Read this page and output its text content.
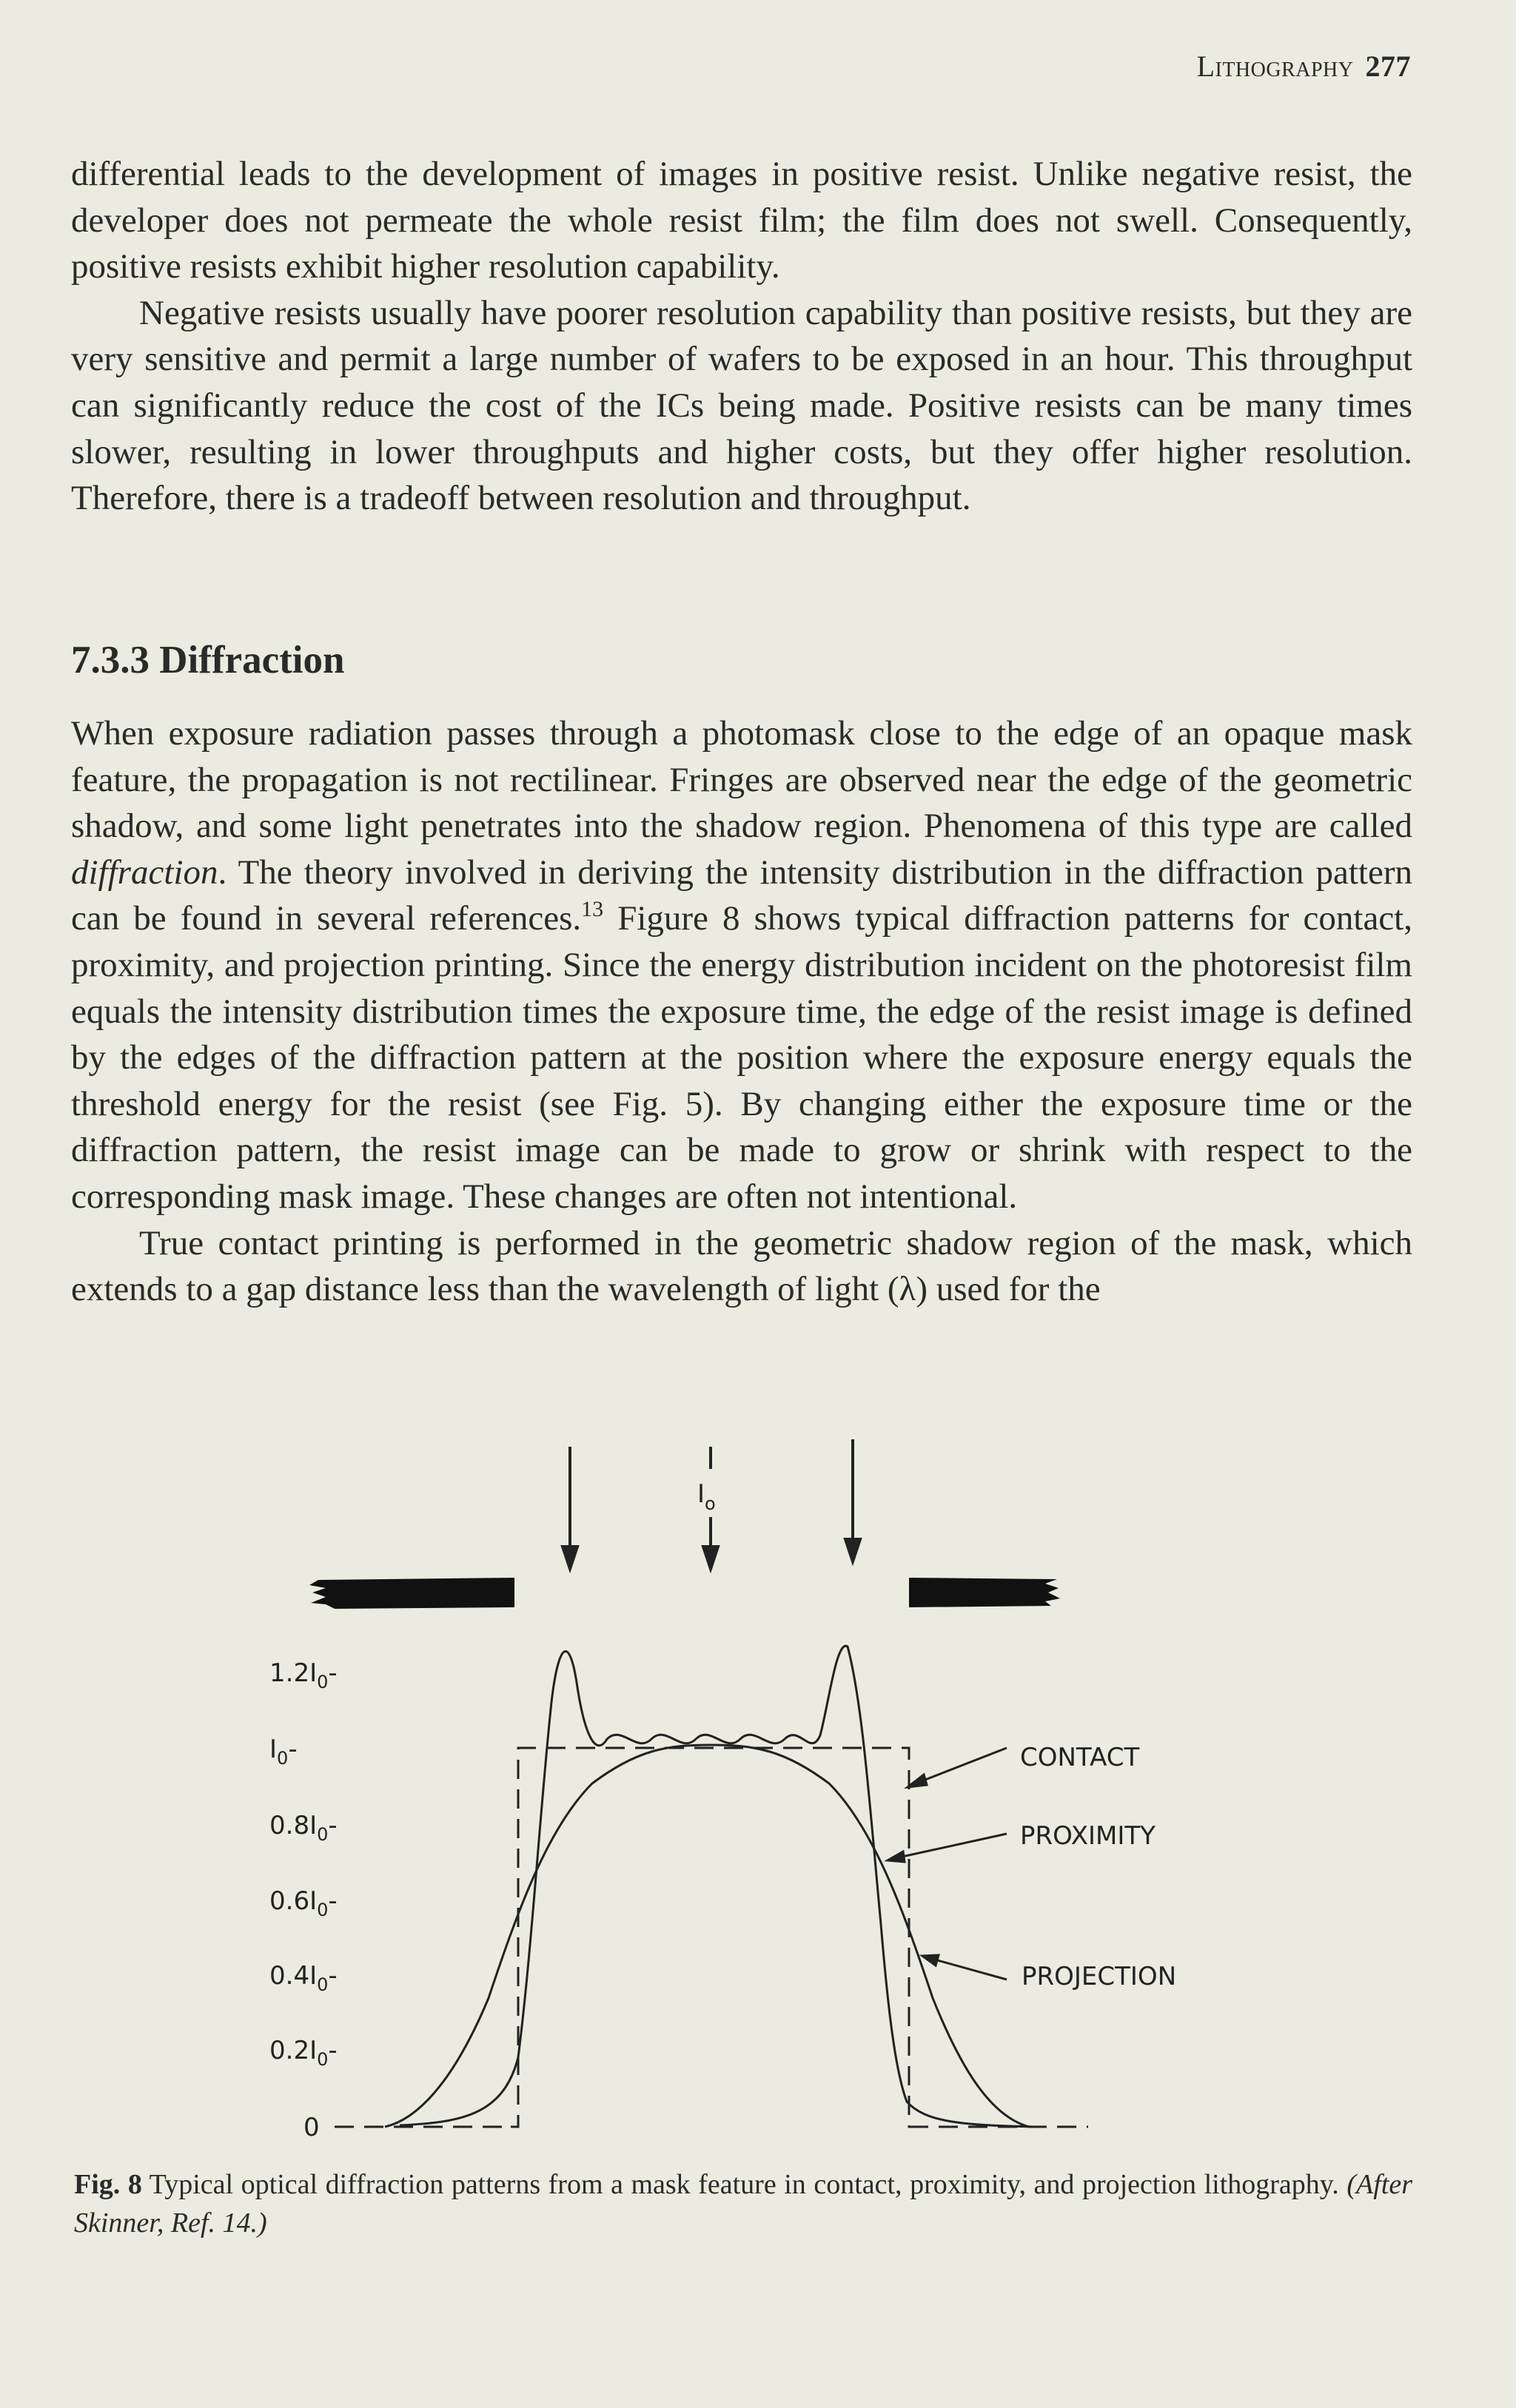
Lithography 277

differential leads to the development of images in positive resist. Unlike negative resist, the developer does not permeate the whole resist film; the film does not swell. Consequently, positive resists exhibit higher resolution capability.

Negative resists usually have poorer resolution capability than positive resists, but they are very sensitive and permit a large number of wafers to be exposed in an hour. This throughput can significantly reduce the cost of the ICs being made. Positive resists can be many times slower, resulting in lower throughputs and higher costs, but they offer higher resolution. Therefore, there is a tradeoff between resolution and throughput.

7.3.3 Diffraction

When exposure radiation passes through a photomask close to the edge of an opaque mask feature, the propagation is not rectilinear. Fringes are observed near the edge of the geometric shadow, and some light penetrates into the shadow region. Phenomena of this type are called diffraction. The theory involved in deriving the intensity distribution in the diffraction pattern can be found in several references.$^{13}$ Figure 8 shows typical diffraction patterns for contact, proximity, and projection printing. Since the energy distribution incident on the photoresist film equals the intensity distribution times the exposure time, the edge of the resist image is defined by the edges of the diffraction pattern at the position where the exposure energy equals the threshold energy for the resist (see Fig. 5). By changing either the exposure time or the diffraction pattern, the resist image can be made to grow or shrink with respect to the corresponding mask image. These changes are often not intentional.

True contact printing is performed in the geometric shadow region of the mask, which extends to a gap distance less than the wavelength of light (λ) used for the

$I_o$
$1.2I_0-$
$I_0-$
$0.8I_0-$
$0.6I_0-$
$0.4I_0-$
$0.2I_0-$
0
CONTACT
PROXIMITY
PROJECTION
Fig. 8 Typical optical diffraction patterns from a mask feature in contact, proximity, and projection lithography. (After Skinner, Ref. 14.)
